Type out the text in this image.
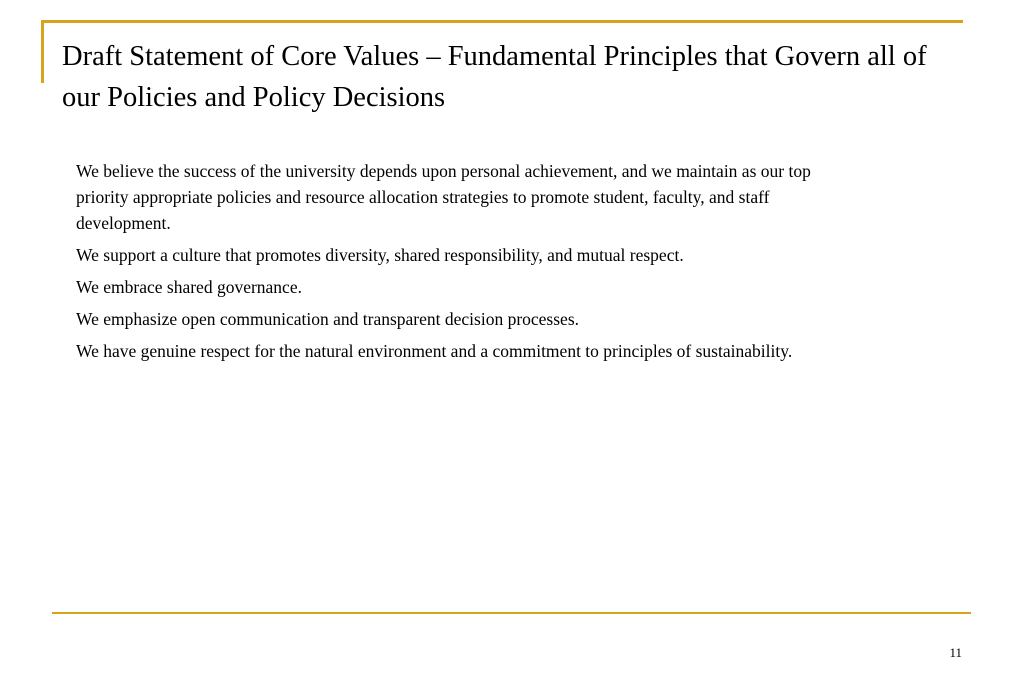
Draft Statement of Core Values – Fundamental Principles that Govern all of our Policies and Policy Decisions
We believe the success of the university depends upon personal achievement, and we maintain as our top priority appropriate policies and resource allocation strategies to promote student, faculty, and staff development.
We support a culture that promotes diversity, shared responsibility, and mutual respect.
We embrace shared governance.
We emphasize open communication and transparent decision processes.
We have genuine respect for the natural environment and a commitment to principles of sustainability.
11
